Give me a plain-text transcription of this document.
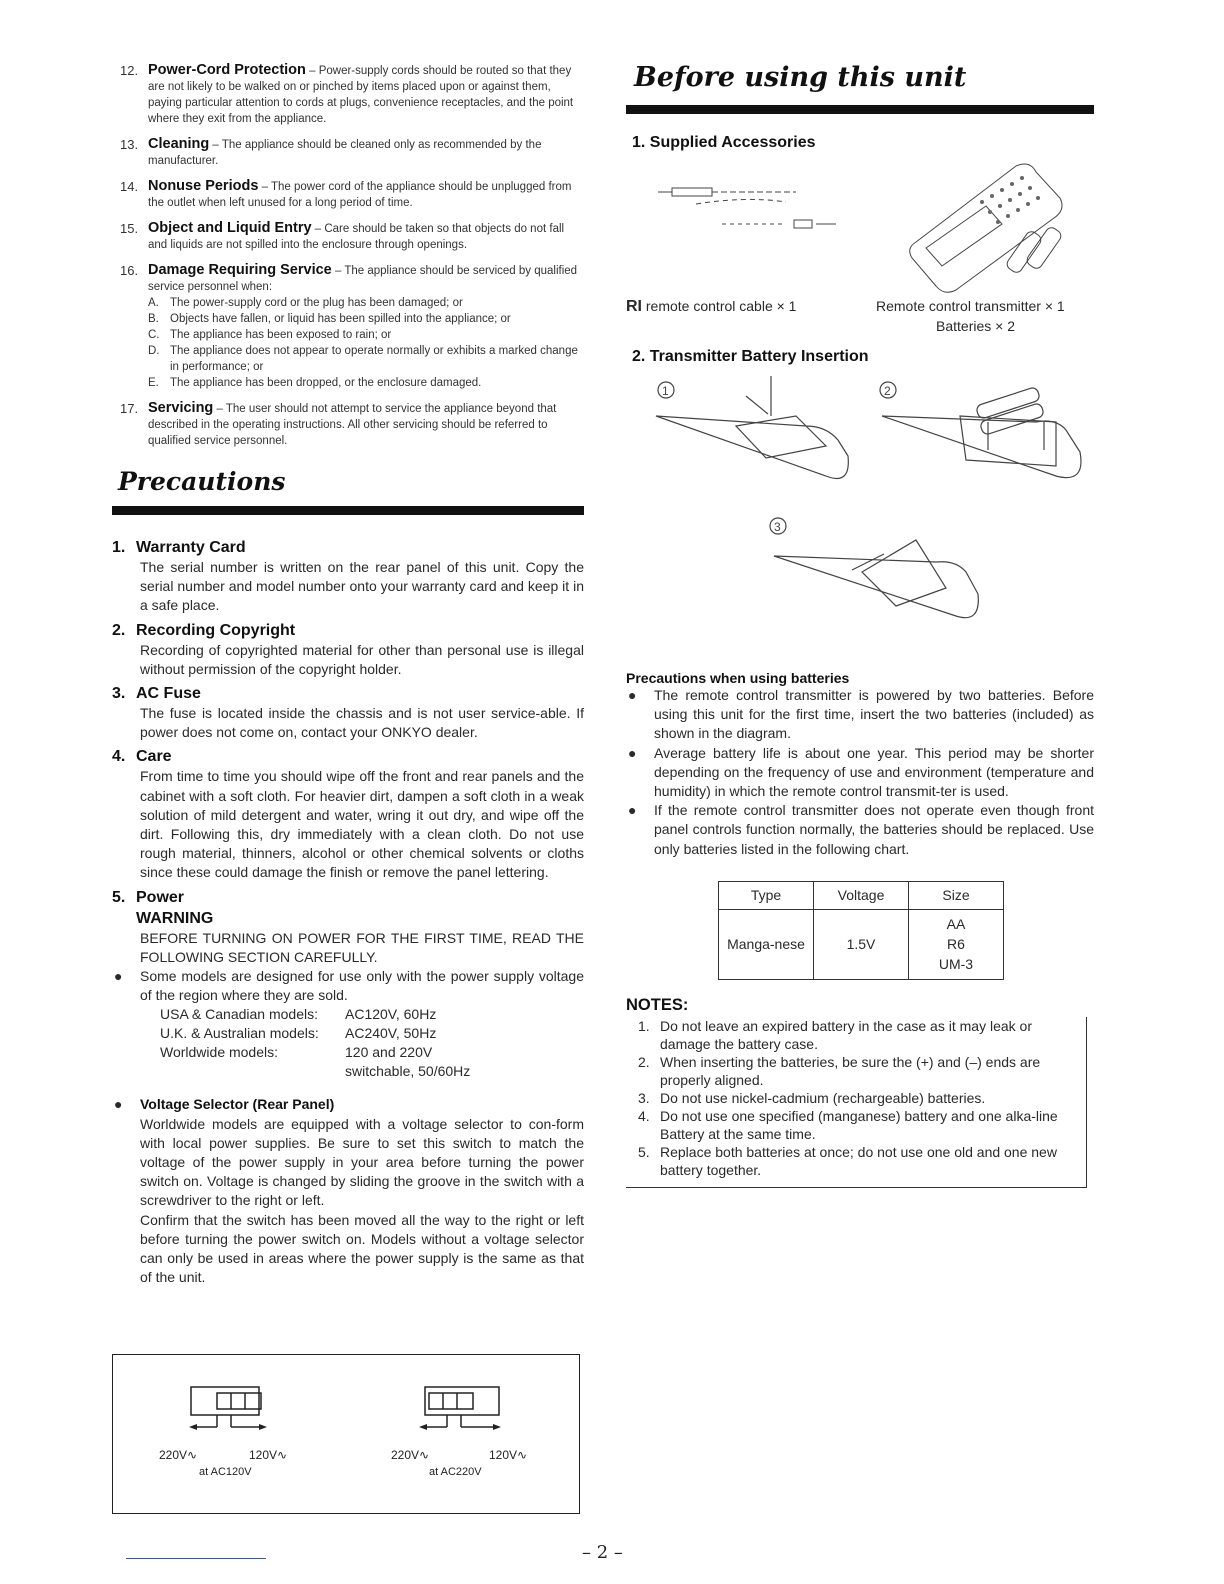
12. Power-Cord Protection – Power-supply cords should be routed so that they are not likely to be walked on or pinched by items placed upon or against them, paying particular attention to cords at plugs, convenience receptacles, and the point where they exit from the appliance.
13. Cleaning – The appliance should be cleaned only as recommended by the manufacturer.
14. Nonuse Periods – The power cord of the appliance should be unplugged from the outlet when left unused for a long period of time.
15. Object and Liquid Entry – Care should be taken so that objects do not fall and liquids are not spilled into the enclosure through openings.
16. Damage Requiring Service – The appliance should be serviced by qualified service personnel when:
A. The power-supply cord or the plug has been damaged; or
B. Objects have fallen, or liquid has been spilled into the appliance; or
C. The appliance has been exposed to rain; or
D. The appliance does not appear to operate normally or exhibits a marked change in performance; or
E. The appliance has been dropped, or the enclosure damaged.
17. Servicing – The user should not attempt to service the appliance beyond that described in the operating instructions. All other servicing should be referred to qualified service personnel.
Precautions
1. Warranty Card
The serial number is written on the rear panel of this unit. Copy the serial number and model number onto your warranty card and keep it in a safe place.
2. Recording Copyright
Recording of copyrighted material for other than personal use is illegal without permission of the copyright holder.
3. AC Fuse
The fuse is located inside the chassis and is not user service-able. If power does not come on, contact your ONKYO dealer.
4. Care
From time to time you should wipe off the front and rear panels and the cabinet with a soft cloth. For heavier dirt, dampen a soft cloth in a weak solution of mild detergent and water, wring it out dry, and wipe off the dirt. Following this, dry immediately with a clean cloth. Do not use rough material, thinners, alcohol or other chemical solvents or cloths since these could damage the finish or remove the panel lettering.
5. Power
WARNING
BEFORE TURNING ON POWER FOR THE FIRST TIME, READ THE FOLLOWING SECTION CAREFULLY.
● Some models are designed for use only with the power supply voltage of the region where they are sold.
USA & Canadian models:	AC120V, 60Hz
U.K. & Australian models:	AC240V, 50Hz
Worldwide models:	120 and 220V switchable, 50/60Hz
● Voltage Selector (Rear Panel)
Worldwide models are equipped with a voltage selector to con-form with local power supplies. Be sure to set this switch to match the voltage of the power supply in your area before turning the power switch on. Voltage is changed by sliding the groove in the switch with a screwdriver to the right or left.
Confirm that the switch has been moved all the way to the right or left before turning the power switch on. Models without a voltage selector can only be used in areas where the power supply is the same as that of the unit.
220V∿	120V∿
at AC120V
220V∿	120V∿
at AC220V
Before using this unit
1. Supplied Accessories
RI remote control cable × 1	Remote control transmitter × 1
Batteries × 2
2. Transmitter Battery Insertion
1	2
3
Precautions when using batteries
● The remote control transmitter is powered by two batteries. Before using this unit for the first time, insert the two batteries (included) as shown in the diagram.
● Average battery life is about one year. This period may be shorter depending on the frequency of use and environment (temperature and humidity) in which the remote control transmit-ter is used.
● If the remote control transmitter does not operate even though front panel controls function normally, the batteries should be replaced. Use only batteries listed in the following chart.
Type	Voltage	Size
Manga-nese	1.5V	AA
R6
UM-3
NOTES:
1. Do not leave an expired battery in the case as it may leak or damage the battery case.
2. When inserting the batteries, be sure the (+) and (–) ends are properly aligned.
3. Do not use nickel-cadmium (rechargeable) batteries.
4. Do not use one specified (manganese) battery and one alka-line Battery at the same time.
5. Replace both batteries at once; do not use one old and one new battery together.
– 2 –
